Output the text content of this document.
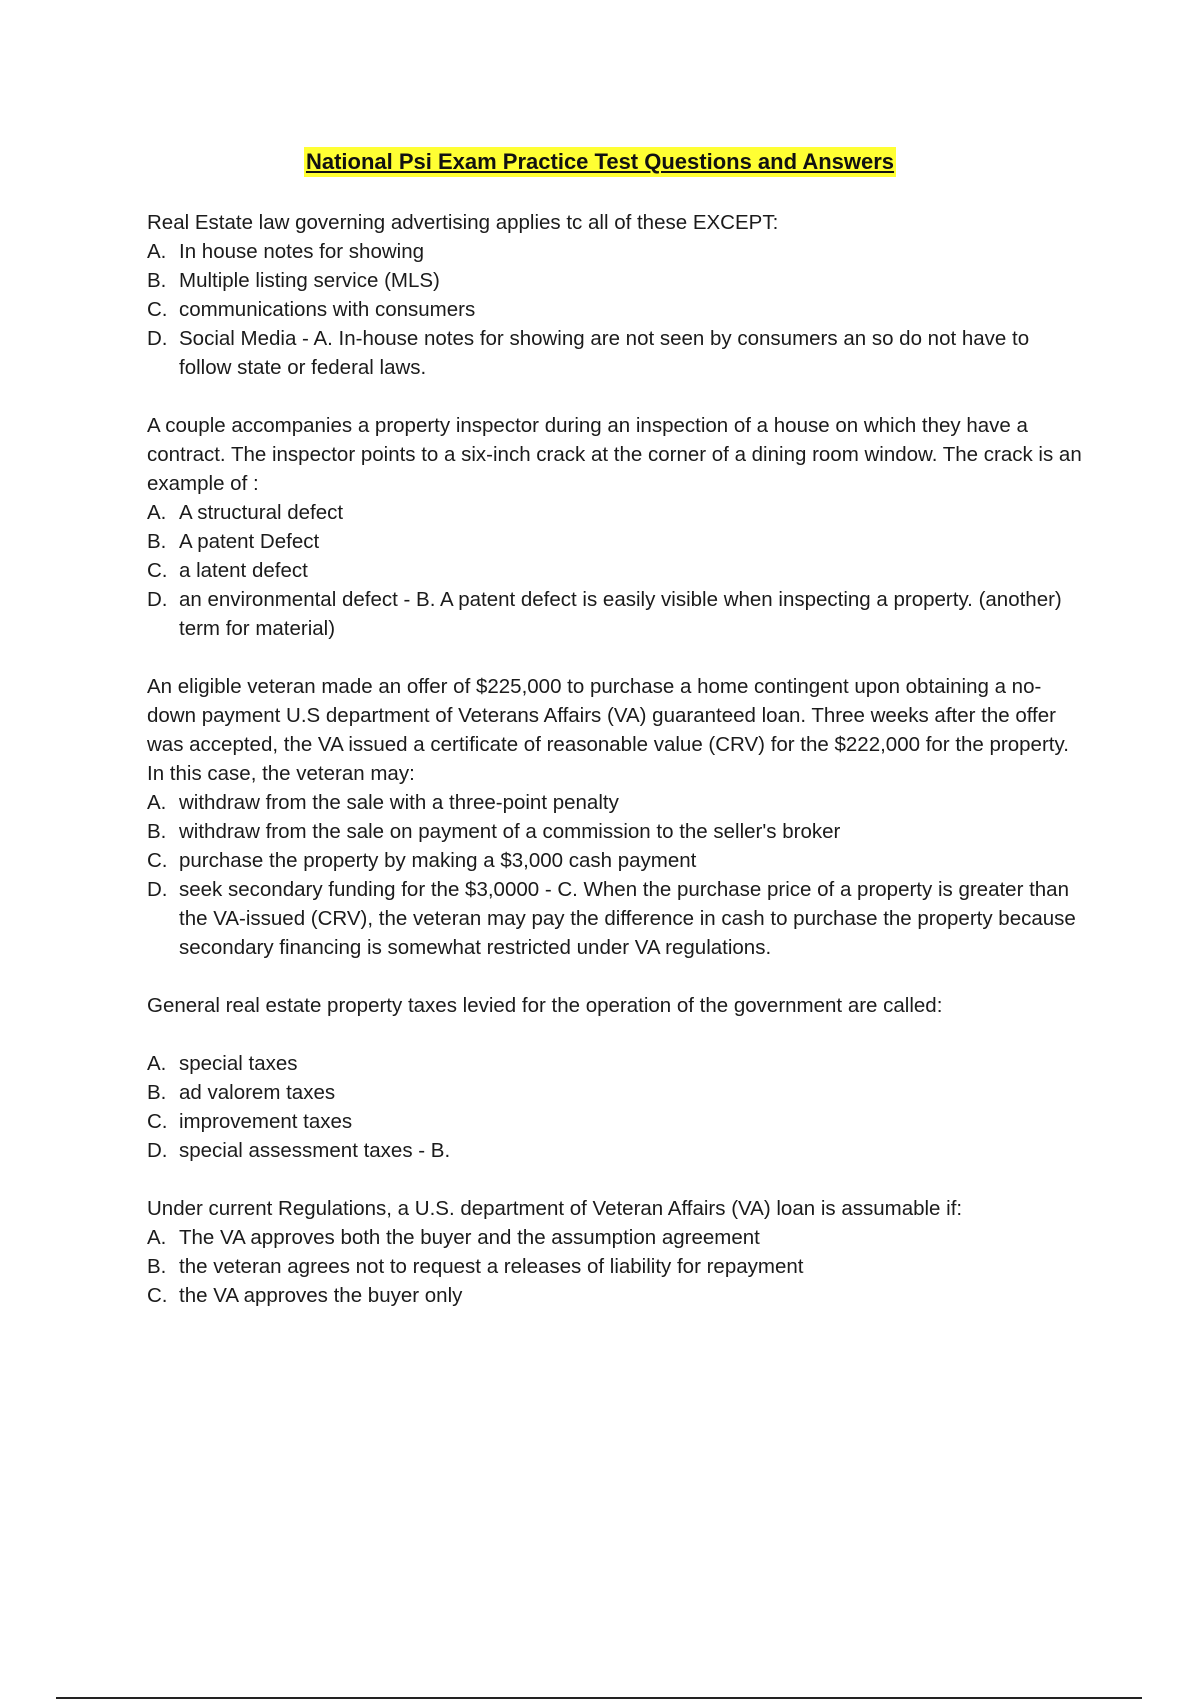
National Psi Exam Practice Test Questions and Answers

Real Estate law governing advertising applies tc all of these EXCEPT:

A. In house notes for showing
B. Multiple listing service (MLS)
C. communications with consumers
D. Social Media - A. In-house notes for showing are not seen by consumers an so do not have to follow state or federal laws.

A couple accompanies a property inspector during an inspection of a house on which they have a contract. The inspector points to a six-inch crack at the corner of a dining room window. The crack is an example of :

A. A structural defect
B. A patent Defect
C. a latent defect
D. an environmental defect - B. A patent defect is easily visible when inspecting a property. (another) term for material)

An eligible veteran made an offer of $225,000 to purchase a home contingent upon obtaining a no-down payment U.S department of Veterans Affairs (VA) guaranteed loan. Three weeks after the offer was accepted, the VA issued a certificate of reasonable value (CRV) for the $222,000 for the property. In this case, the veteran may:

A. withdraw from the sale with a three-point penalty
B. withdraw from the sale on payment of a commission to the seller's broker
C. purchase the property by making a $3,000 cash payment
D. seek secondary funding for the $3,0000 - C. When the purchase price of a property is greater than the VA-issued (CRV), the veteran may pay the difference in cash to purchase the property because secondary financing is somewhat restricted under VA regulations.

General real estate property taxes levied for the operation of the government are called:

A. special taxes
B. ad valorem taxes
C. improvement taxes
D. special assessment taxes - B.

Under current Regulations, a U.S. department of Veteran Affairs (VA) loan is assumable if:

A. The VA approves both the buyer and the assumption agreement
B. the veteran agrees not to request a releases of liability for repayment
C. the VA approves the buyer only
